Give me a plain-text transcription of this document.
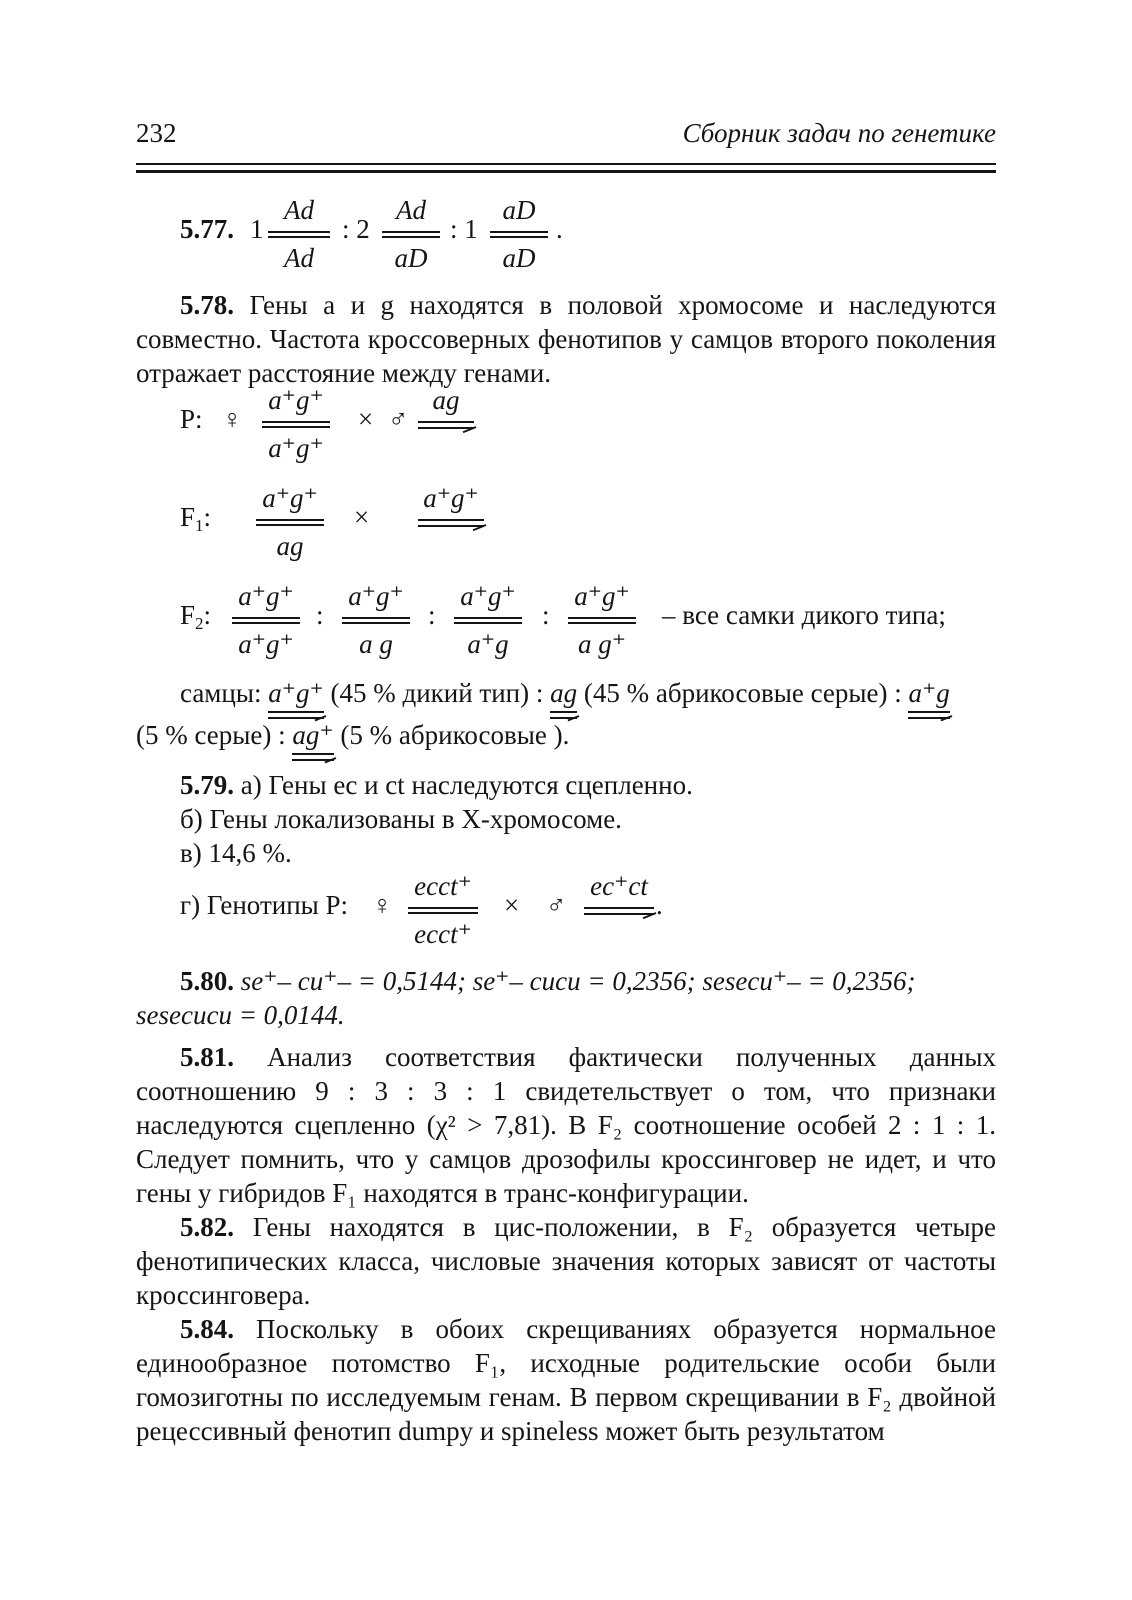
232	Сборник задач по генетике
5.77. 1
Ad
Ad
: 2
Ad
aD
: 1
aD
aD
.
5.78. Гены a и g находятся в половой хромосоме и наследуются совместно. Частота кроссоверных фенотипов у самцов второго поколения отражает расстояние между генами.
P: ♀
a⁺g⁺
a⁺g⁺
× ♂
ag
$F_1$:
a⁺g⁺
ag
×
a⁺g⁺
$F_2$:
a⁺g⁺
a⁺g⁺
:
a⁺g⁺
a g
:
a⁺g⁺
a⁺g
:
a⁺g⁺
a g⁺
– все самки дикого типа;
самцы: a⁺g⁺ (45 % дикий тип) : ag (45 % абрикосовые серые) : a⁺g
(5 % серые) : ag⁺ (5 % абрикосовые ).
5.79. а) Гены ec и ct наследуются сцепленно.
б) Гены локализованы в X-хромосоме.
в) 14,6 %.
г) Генотипы P: ♀
ecct⁺
ecct⁺
× ♂
ec⁺ct
.
5.80. se⁺– cu⁺– = 0,5144; se⁺– cucu = 0,2356; sesecu⁺– = 0,2356;
sesecucu = 0,0144.
5.81. Анализ соответствия фактически полученных данных соотношению 9 : 3 : 3 : 1 свидетельствует о том, что признаки наследуются сцепленно (χ² > 7,81). В F₂ соотношение особей 2 : 1 : 1. Следует помнить, что у самцов дрозофилы кроссинговер не идет, и что гены у гибридов F₁ находятся в транс-конфигурации.
5.82. Гены находятся в цис-положении, в F₂ образуется четыре фенотипических класса, числовые значения которых зависят от частоты кроссинговера.
5.84. Поскольку в обоих скрещиваниях образуется нормальное единообразное потомство F₁, исходные родительские особи были гомозиготны по исследуемым генам. В первом скрещивании в F₂ двойной рецессивный фенотип dumpy и spineless может быть результатом
